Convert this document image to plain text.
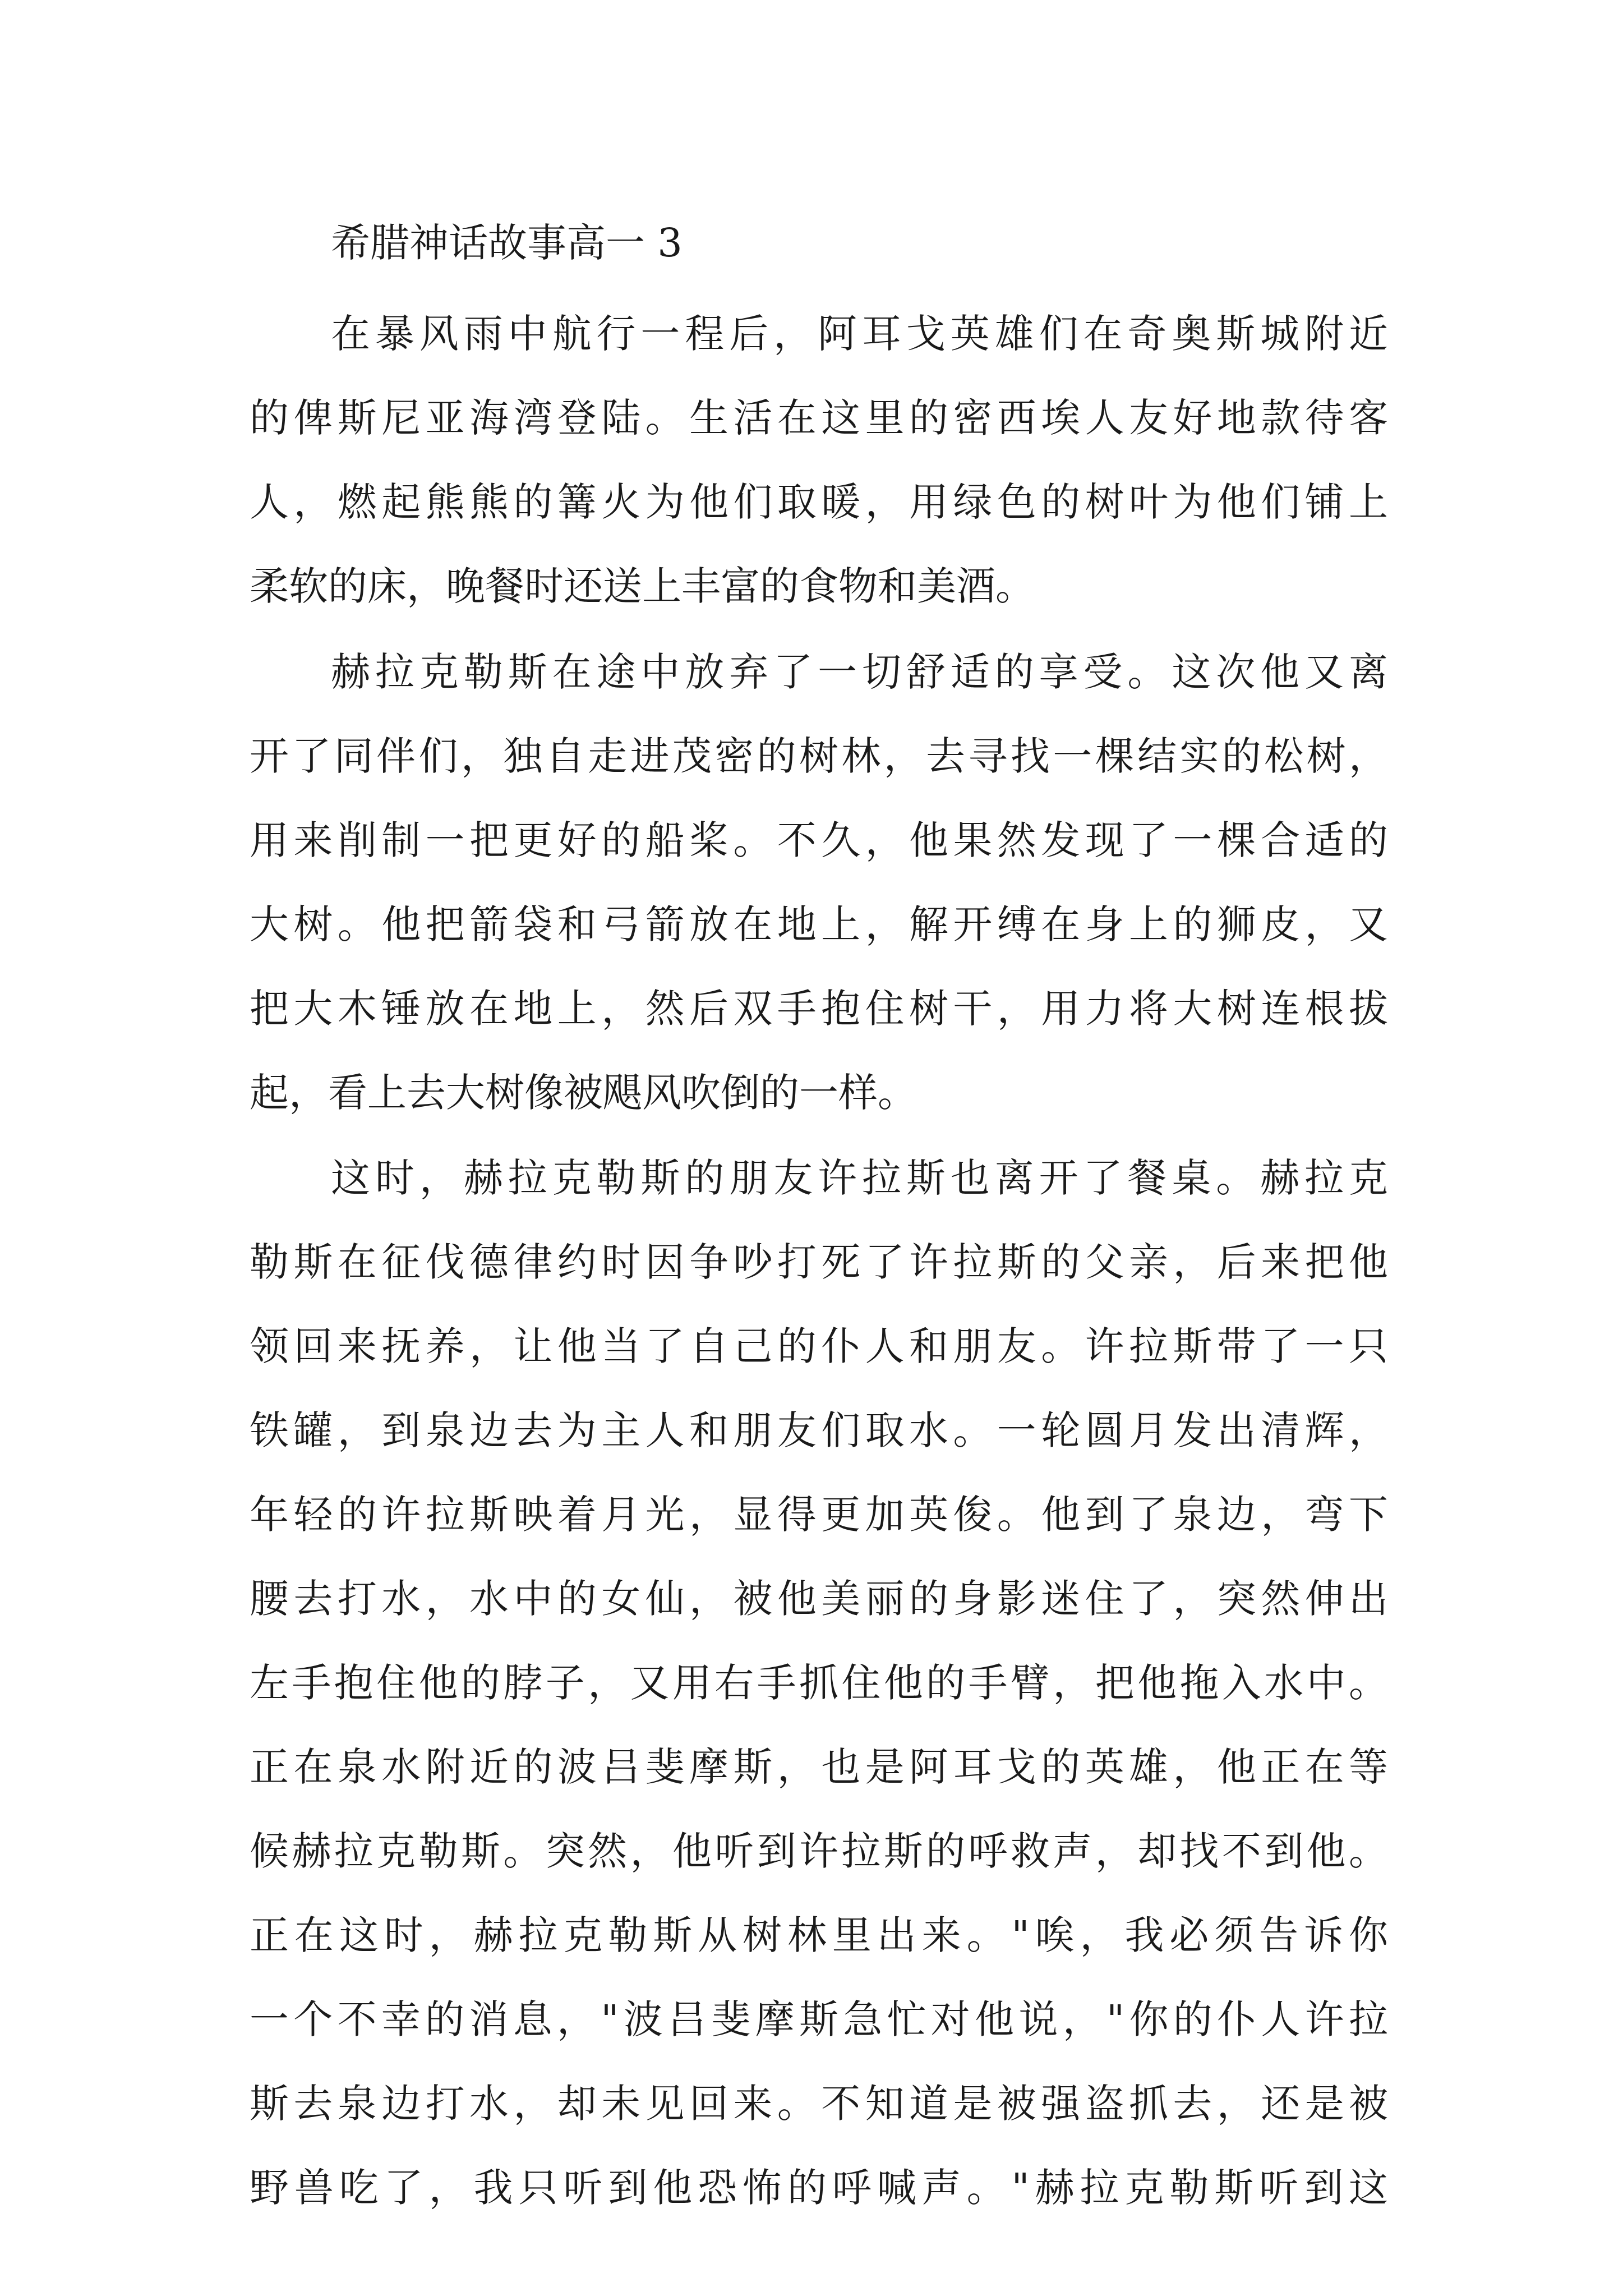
希腊神话故事高一 3
在暴风雨中航行一程后，阿耳戈英雄们在奇奥斯城附近
的俾斯尼亚海湾登陆。生活在这里的密西埃人友好地款待客
人，燃起熊熊的篝火为他们取暖，用绿色的树叶为他们铺上
柔软的床，晚餐时还送上丰富的食物和美酒。
赫拉克勒斯在途中放弃了一切舒适的享受。这次他又离
开了同伴们，独自走进茂密的树林，去寻找一棵结实的松树，
用来削制一把更好的船桨。不久，他果然发现了一棵合适的
大树。他把箭袋和弓箭放在地上，解开缚在身上的狮皮，又
把大木锤放在地上，然后双手抱住树干，用力将大树连根拔
起，看上去大树像被飓风吹倒的一样。
这时，赫拉克勒斯的朋友许拉斯也离开了餐桌。赫拉克
勒斯在征伐德律约时因争吵打死了许拉斯的父亲，后来把他
领回来抚养，让他当了自己的仆人和朋友。许拉斯带了一只
铁罐，到泉边去为主人和朋友们取水。一轮圆月发出清辉，
年轻的许拉斯映着月光，显得更加英俊。他到了泉边，弯下
腰去打水，水中的女仙，被他美丽的身影迷住了，突然伸出
左手抱住他的脖子，又用右手抓住他的手臂，把他拖入水中。
正在泉水附近的波吕斐摩斯，也是阿耳戈的英雄，他正在等
候赫拉克勒斯。突然，他听到许拉斯的呼救声，却找不到他。
正在这时，赫拉克勒斯从树林里出来。"唉，我必须告诉你
一个不幸的消息，"波吕斐摩斯急忙对他说，"你的仆人许拉
斯去泉边打水，却未见回来。不知道是被强盗抓去，还是被
野兽吃了，我只听到他恐怖的呼喊声。"赫拉克勒斯听到这
